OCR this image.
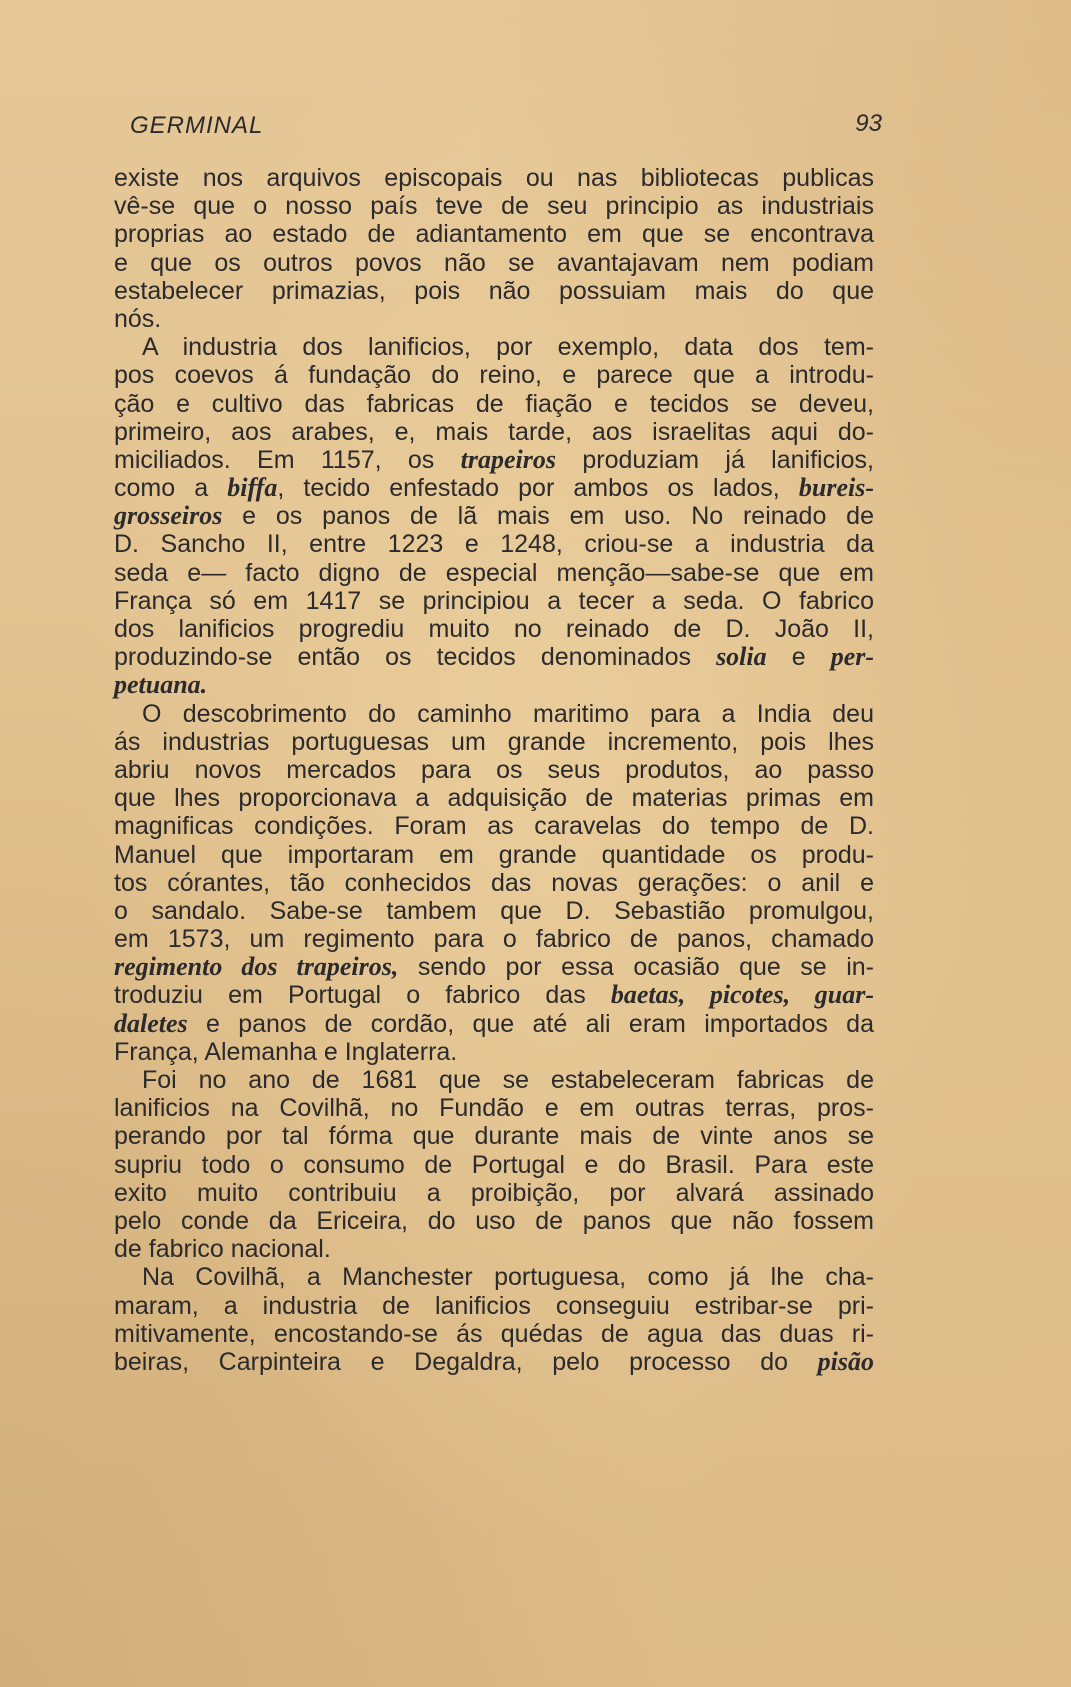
GERMINAL	93
existe nos arquivos episcopais ou nas bibliotecas publicas
vê-se que o nosso país teve de seu principio as industriais
proprias ao estado de adiantamento em que se encontrava
e que os outros povos não se avantajavam nem podiam
estabelecer primazias, pois não possuiam mais do que
nós.
A industria dos lanificios, por exemplo, data dos tem-
pos coevos á fundação do reino, e parece que a introdu-
ção e cultivo das fabricas de fiação e tecidos se deveu,
primeiro, aos arabes, e, mais tarde, aos israelitas aqui do-
miciliados. Em 1157, os trapeiros produziam já lanificios,
como a biffa, tecido enfestado por ambos os lados, bureis-
grosseiros e os panos de lã mais em uso. No reinado de
D. Sancho II, entre 1223 e 1248, criou-se a industria da
seda e— facto digno de especial menção—sabe-se que em
França só em 1417 se principiou a tecer a seda. O fabrico
dos lanificios progrediu muito no reinado de D. João II,
produzindo-se então os tecidos denominados solia e per-
petuana.
O descobrimento do caminho maritimo para a India deu
ás industrias portuguesas um grande incremento, pois lhes
abriu novos mercados para os seus produtos, ao passo
que lhes proporcionava a adquisição de materias primas em
magnificas condições. Foram as caravelas do tempo de D.
Manuel que importaram em grande quantidade os produ-
tos córantes, tão conhecidos das novas gerações: o anil e
o sandalo. Sabe-se tambem que D. Sebastião promulgou,
em 1573, um regimento para o fabrico de panos, chamado
regimento dos trapeiros, sendo por essa ocasião que se in-
troduziu em Portugal o fabrico das baetas, picotes, guar-
daletes e panos de cordão, que até ali eram importados da
França, Alemanha e Inglaterra.
Foi no ano de 1681 que se estabeleceram fabricas de
lanificios na Covilhã, no Fundão e em outras terras, pros-
perando por tal fórma que durante mais de vinte anos se
supriu todo o consumo de Portugal e do Brasil. Para este
exito muito contribuiu a proibição, por alvará assinado
pelo conde da Ericeira, do uso de panos que não fossem
de fabrico nacional.
Na Covilhã, a Manchester portuguesa, como já lhe cha-
maram, a industria de lanificios conseguiu estribar-se pri-
mitivamente, encostando-se ás quédas de agua das duas ri-
beiras, Carpinteira e Degaldra, pelo processo do pisão
